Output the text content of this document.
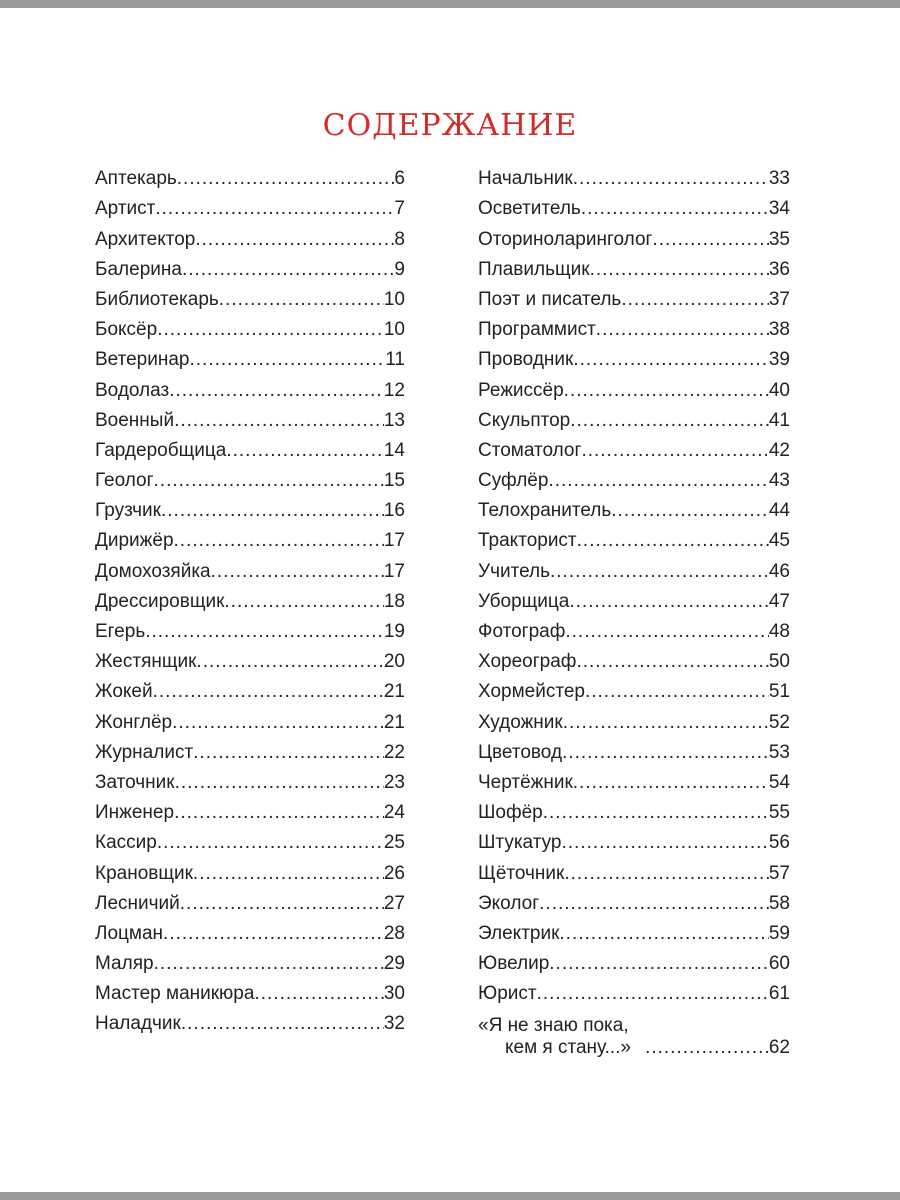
СОДЕРЖАНИЕ
Аптекарь .....	6
Артист .....	7
Архитектор .....	8
Балерина .....	9
Библиотекарь .....	10
Боксёр .....	10
Ветеринар .....	11
Водолаз .....	12
Военный .....	13
Гардеробщица .....	14
Геолог .....	15
Грузчик .....	16
Дирижёр .....	17
Домохозяйка .....	17
Дрессировщик .....	18
Егерь .....	19
Жестянщик .....	20
Жокей .....	21
Жонглёр .....	21
Журналист .....	22
Заточник .....	23
Инженер .....	24
Кассир .....	25
Крановщик .....	26
Лесничий .....	27
Лоцман .....	28
Маляр .....	29
Мастер маникюра .....	30
Наладчик .....	32
Начальник .....	33
Осветитель .....	34
Оториноларинголог .....	35
Плавильщик .....	36
Поэт и писатель .....	37
Программист .....	38
Проводник .....	39
Режиссёр .....	40
Скульптор .....	41
Стоматолог .....	42
Суфлёр .....	43
Телохранитель .....	44
Тракторист .....	45
Учитель .....	46
Уборщица .....	47
Фотограф .....	48
Хореограф .....	50
Хормейстер .....	51
Художник .....	52
Цветовод .....	53
Чертёжник .....	54
Шофёр .....	55
Штукатур .....	56
Щёточник .....	57
Эколог .....	58
Электрик .....	59
Ювелир .....	60
Юрист .....	61
«Я не знаю пока,
кем я стану...» .....	62
